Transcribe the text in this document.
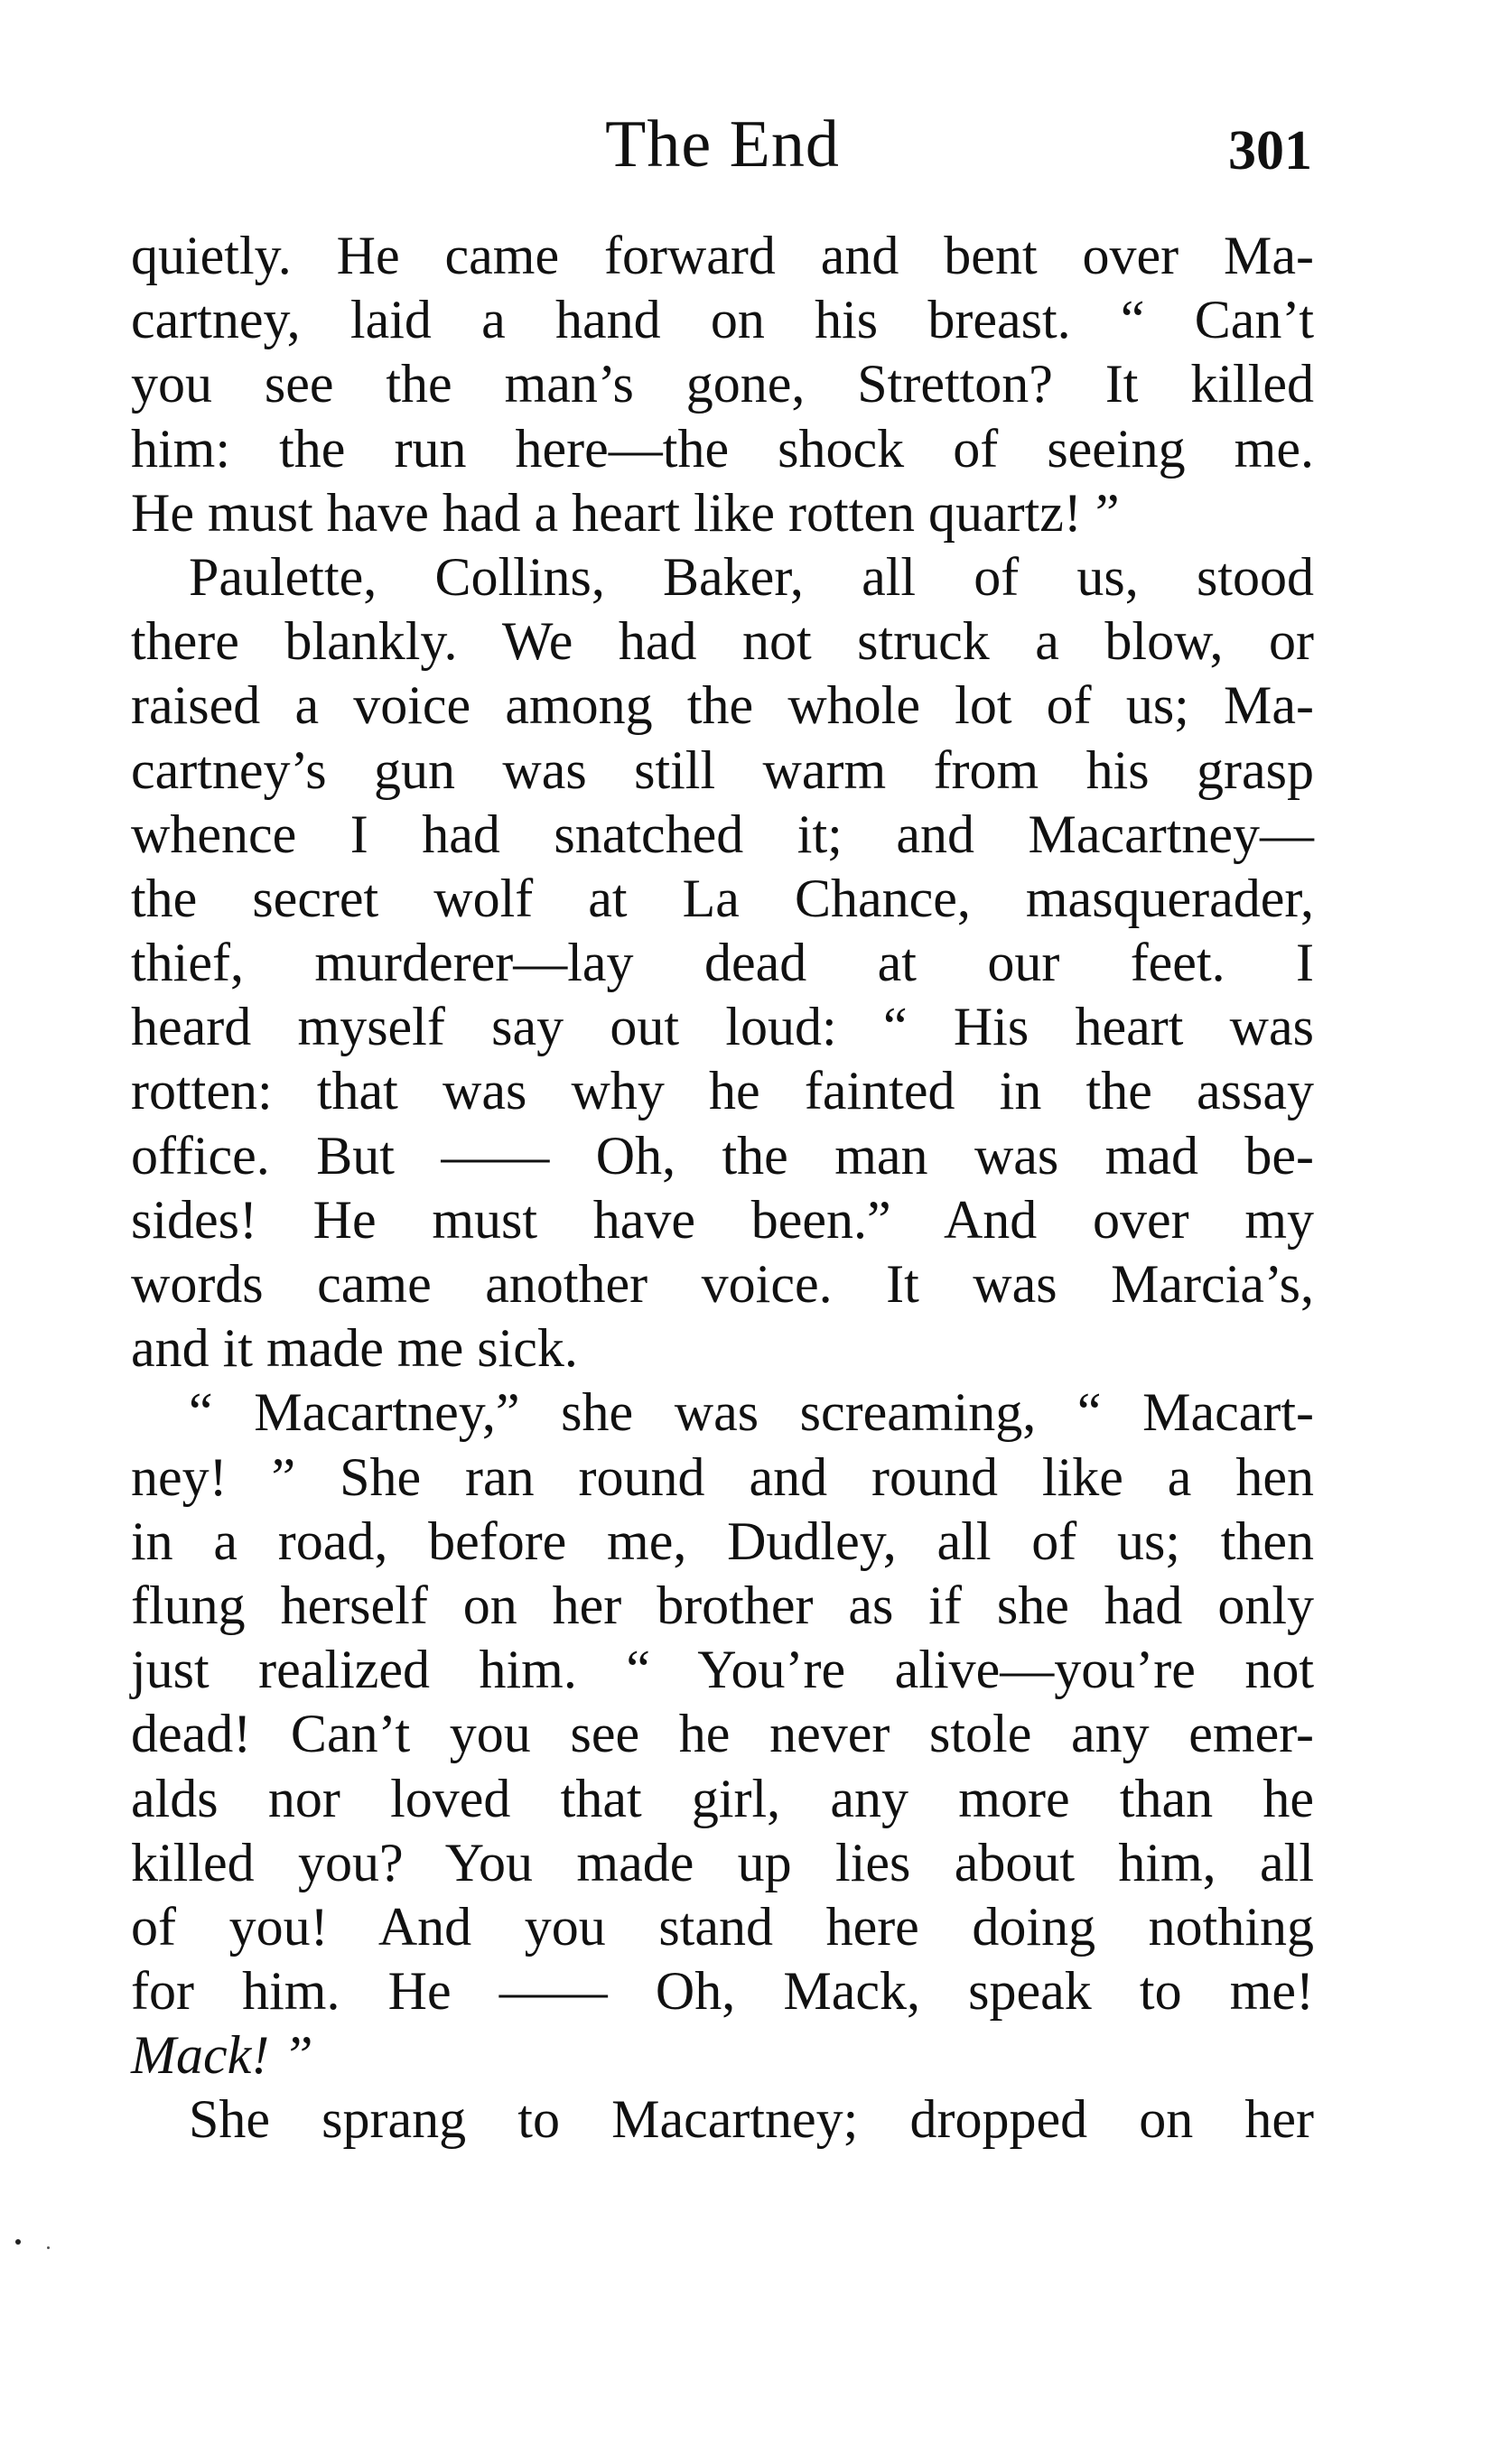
The End	301
quietly. He came forward and bent over Ma-
cartney, laid a hand on his breast. “ Can’t
you see the man’s gone, Stretton? It killed
him: the run here—the shock of seeing me.
He must have had a heart like rotten quartz! ”
Paulette, Collins, Baker, all of us, stood
there blankly. We had not struck a blow, or
raised a voice among the whole lot of us; Ma-
cartney’s gun was still warm from his grasp
whence I had snatched it; and Macartney—
the secret wolf at La Chance, masquerader,
thief, murderer—lay dead at our feet. I
heard myself say out loud: “ His heart was
rotten: that was why he fainted in the assay
office. But —— Oh, the man was mad be-
sides! He must have been.” And over my
words came another voice. It was Marcia’s,
and it made me sick.
“ Macartney,” she was screaming, “ Macart-
ney! ” She ran round and round like a hen
in a road, before me, Dudley, all of us; then
flung herself on her brother as if she had only
just realized him. “ You’re alive—you’re not
dead! Can’t you see he never stole any emer-
alds nor loved that girl, any more than he
killed you? You made up lies about him, all
of you! And you stand here doing nothing
for him. He —— Oh, Mack, speak to me!
Mack! ”
She sprang to Macartney; dropped on her
